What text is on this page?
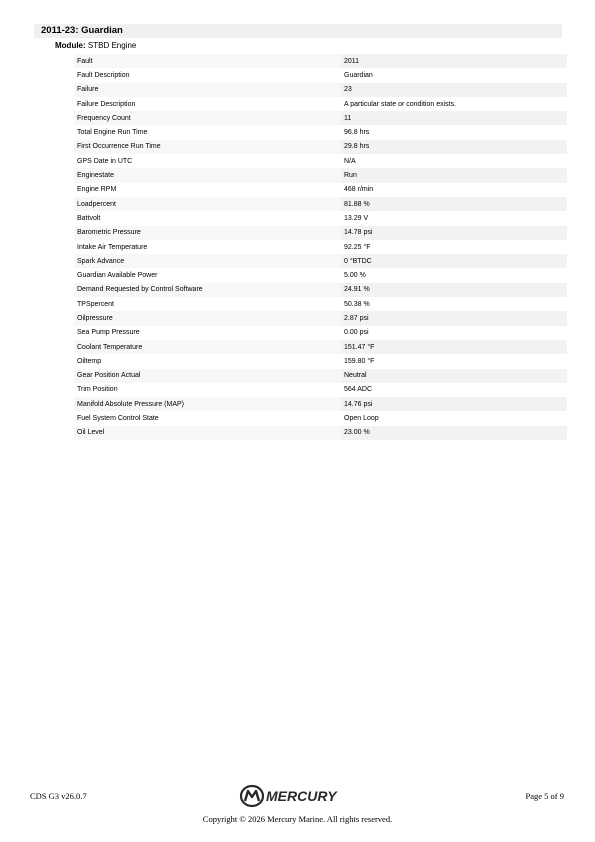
2011-23: Guardian
Module: STBD Engine
Fault	2011
Fault Description	Guardian
Failure	23
Failure Description	A particular state or condition exists.
Frequency Count	11
Total Engine Run Time	96.8 hrs
First Occurrence Run Time	29.8 hrs
GPS Date in UTC	N/A
Enginestate	Run
Engine RPM	468 r/min
Loadpercent	81.88 %
Battvolt	13.29 V
Barometric Pressure	14.78 psi
Intake Air Temperature	92.25 °F
Spark Advance	0 °BTDC
Guardian Available Power	5.00 %
Demand Requested by Control Software	24.91 %
TPSpercent	50.38 %
Oilpressure	2.87 psi
Sea Pump Pressure	0.00 psi
Coolant Temperature	151.47 °F
Oiltemp	159.80 °F
Gear Position Actual	Neutral
Trim Position	564 ADC
Manifold Absolute Pressure (MAP)	14.76 psi
Fuel System Control State	Open Loop
Oil Level	23.00 %
CDS G3 v26.0.7	MERCURY	Page 5 of 9
Copyright © 2026 Mercury Marine. All rights reserved.
